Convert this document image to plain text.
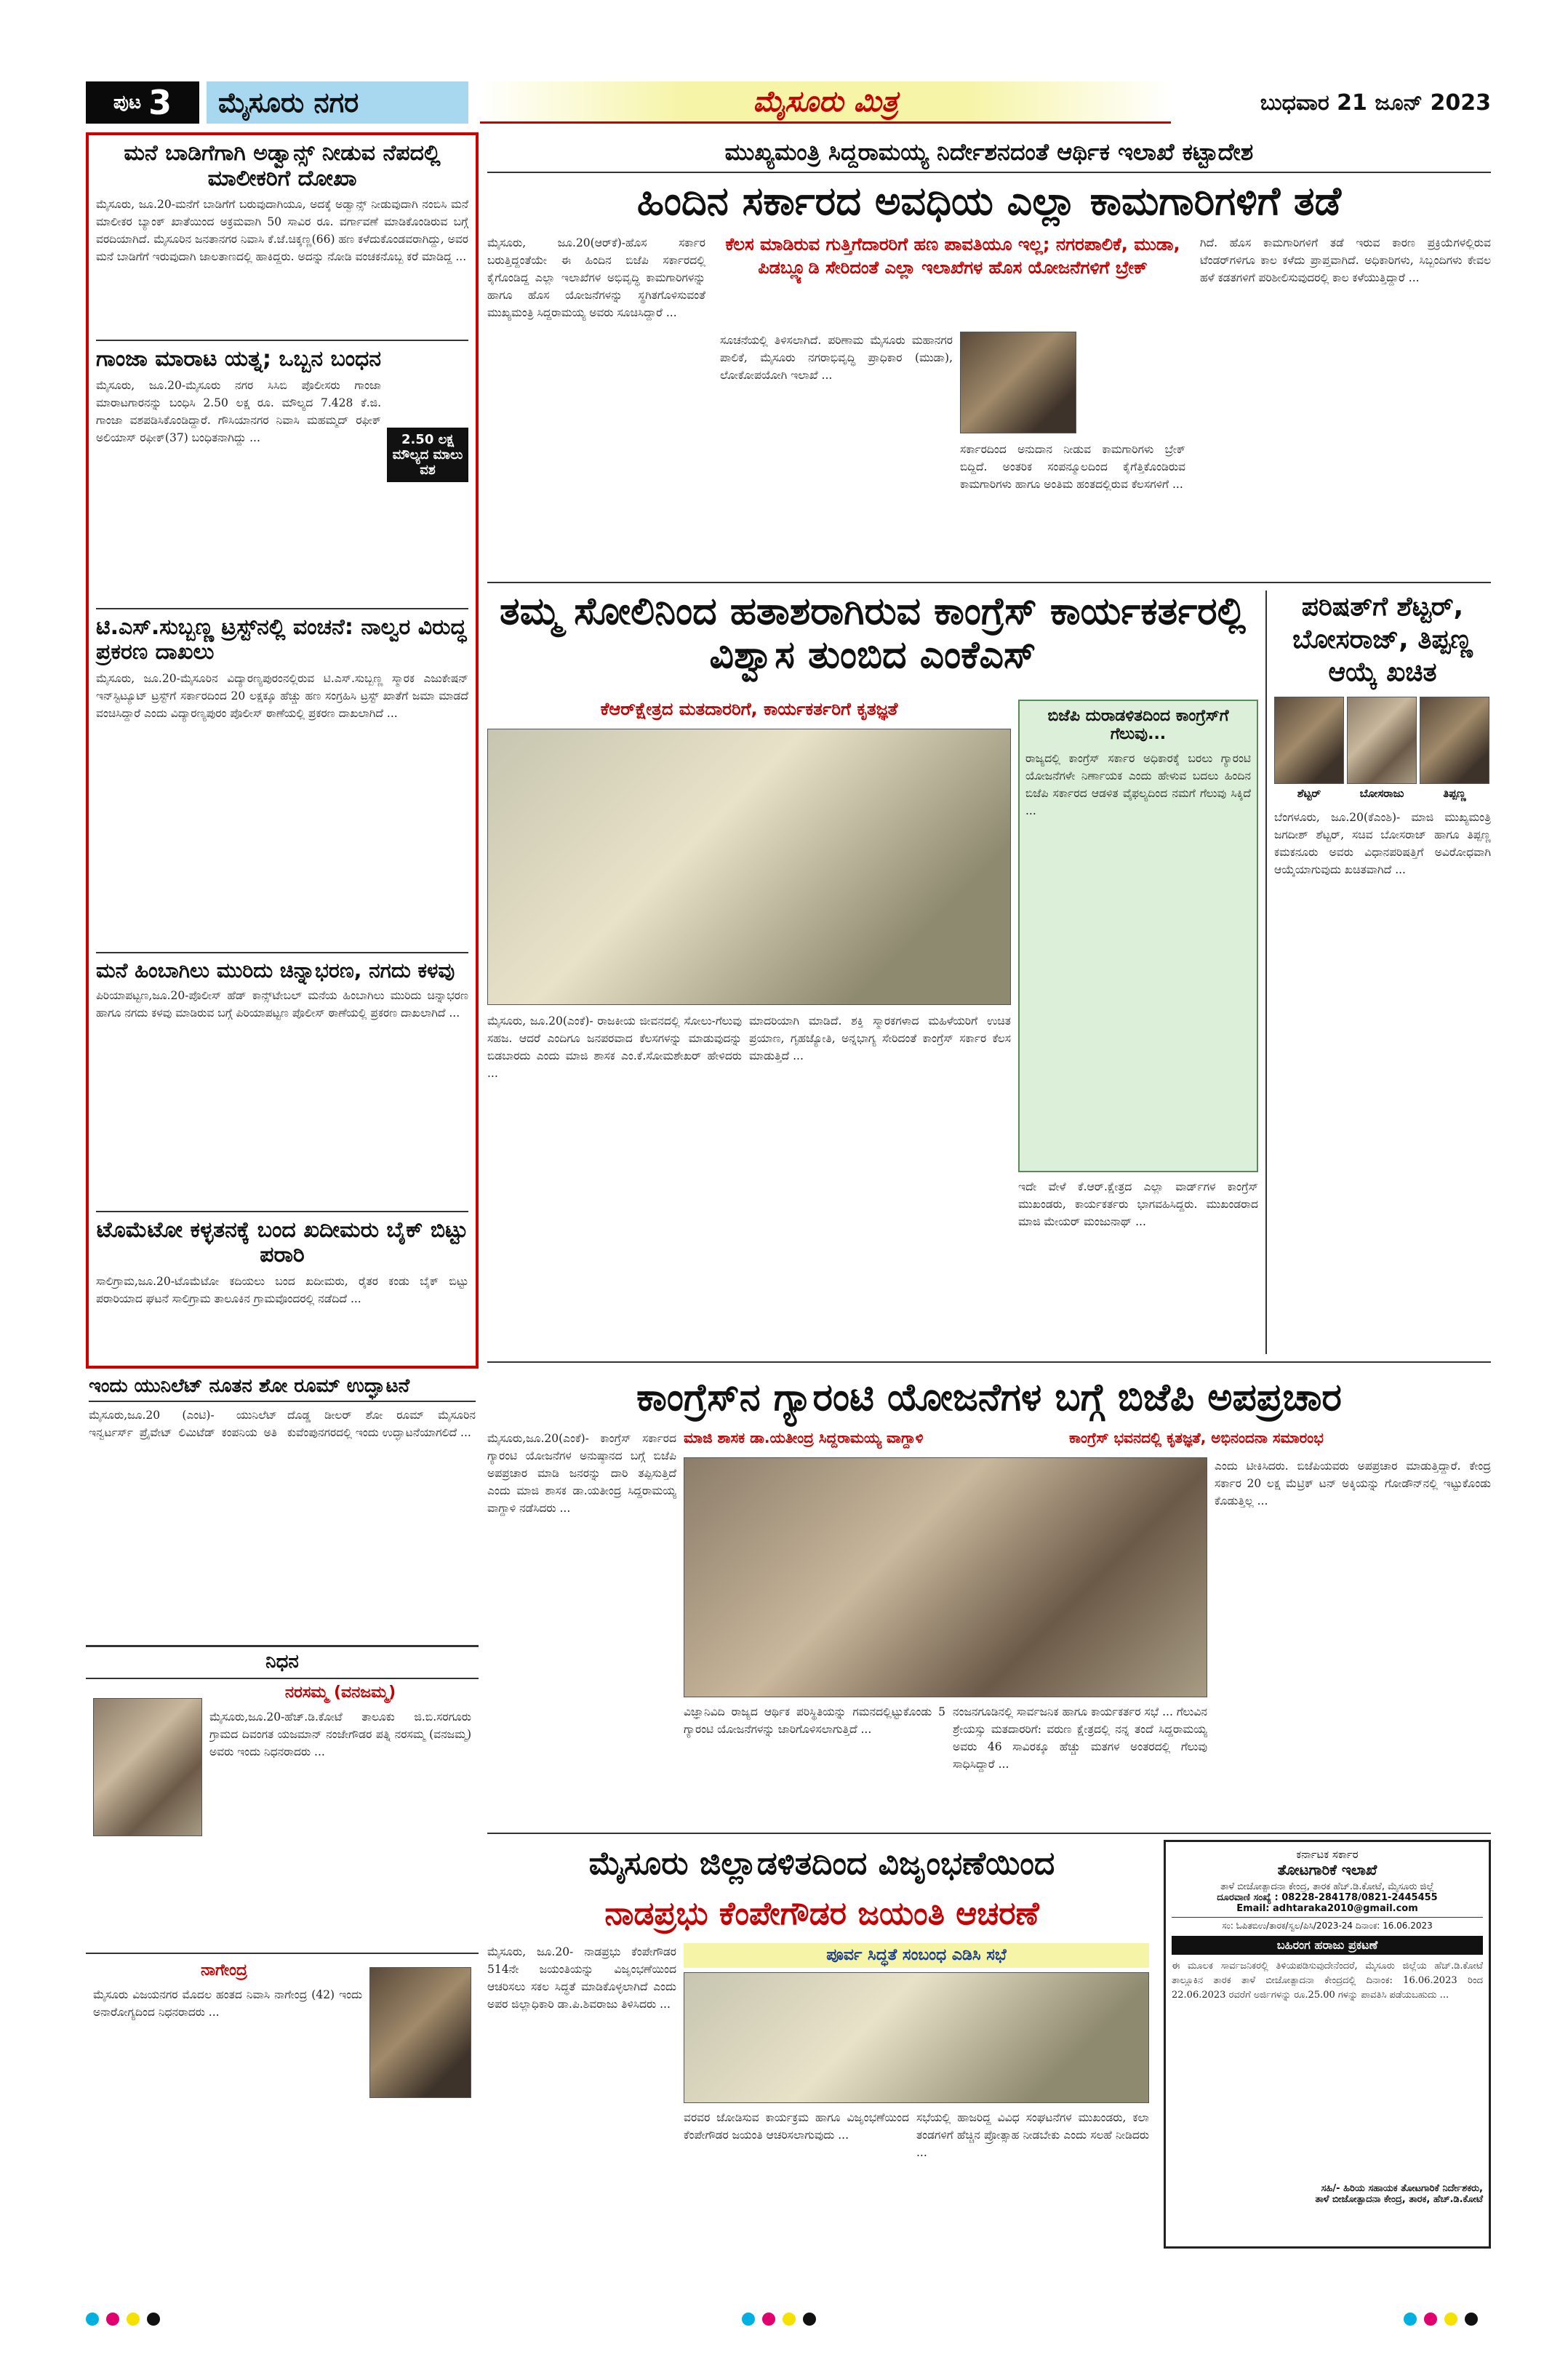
ಪುಟ 3	ಮೈಸೂರು ನಗರ	ಮೈಸೂರು ಮಿತ್ರ	ಬುಧವಾರ 21 ಜೂನ್ 2023
ಮನೆ ಬಾಡಿಗೆಗಾಗಿ ಅಡ್ವಾನ್ಸ್ ನೀಡುವ ನೆಪದಲ್ಲಿ ಮಾಲೀಕರಿಗೆ ದೋಖಾ
ಮೈಸೂರು, ಜೂ.20-ಮನೆಗೆ ಬಾಡಿಗೆಗೆ ಬರುವುದಾಗಿಯೂ, ಅದಕ್ಕೆ ಅಡ್ವಾನ್ಸ್ ನೀಡುವುದಾಗಿ ನಂಬಿಸಿ ಮನೆ ಮಾಲೀಕರ ಬ್ಯಾಂಕ್ ಖಾತೆಯಿಂದ ಅಕ್ರಮವಾಗಿ 50 ಸಾವಿರ ರೂ. ವರ್ಗಾವಣೆ ಮಾಡಿಕೊಂಡಿರುವ ಬಗ್ಗೆ ವರದಿಯಾಗಿದೆ. ಮೈಸೂರಿನ ಜನತಾನಗರ ನಿವಾಸಿ ಕೆ.ಜೆ.ಚಿಕ್ಕಣ್ಣ(66) ಹಣ ಕಳೆದುಕೊಂಡವರಾಗಿದ್ದು, ಅವರ ಮನೆ ಬಾಡಿಗೆಗೆ ಇರುವುದಾಗಿ ಜಾಲತಾಣದಲ್ಲಿ ಹಾಕಿದ್ದರು. ಅದನ್ನು ನೋಡಿ ವಂಚಕನೊಬ್ಬ ಕರೆ ಮಾಡಿದ್ದ ...
ಗಾಂಜಾ ಮಾರಾಟ ಯತ್ನ; ಒಬ್ಬನ ಬಂಧನ
ಮೈಸೂರು, ಜೂ.20-ಮೈಸೂರು ನಗರ ಸಿಸಿಬಿ ಪೊಲೀಸರು ಗಾಂಜಾ ಮಾರಾಟಗಾರನನ್ನು ಬಂಧಿಸಿ 2.50 ಲಕ್ಷ ರೂ. ಮೌಲ್ಯದ 7.428 ಕೆ.ಜಿ. ಗಾಂಜಾ ವಶಪಡಿಸಿಕೊಂಡಿದ್ದಾರೆ. ಗೌಸಿಯಾನಗರ ನಿವಾಸಿ ಮಹಮ್ಮದ್ ರಫೀಕ್ ಅಲಿಯಾಸ್ ರಫೀಕ್(37) ಬಂಧಿತನಾಗಿದ್ದು ...	2.50 ಲಕ್ಷ ಮೌಲ್ಯದ ಮಾಲು ವಶ
ಟಿ.ಎಸ್.ಸುಬ್ಬಣ್ಣ ಟ್ರಸ್ಟ್‌ನಲ್ಲಿ ವಂಚನೆ: ನಾಲ್ವರ ವಿರುದ್ಧ ಪ್ರಕರಣ ದಾಖಲು
ಮೈಸೂರು, ಜೂ.20-ಮೈಸೂರಿನ ವಿದ್ಯಾರಣ್ಯಪುರಂನಲ್ಲಿರುವ ಟಿ.ಎಸ್.ಸುಬ್ಬಣ್ಣ ಸ್ಮಾರಕ ಎಜುಕೇಷನ್ ಇನ್‌ಸ್ಟಿಟ್ಯೂಟ್ ಟ್ರಸ್ಟ್‌ಗೆ ಸರ್ಕಾರದಿಂದ 20 ಲಕ್ಷಕ್ಕೂ ಹೆಚ್ಚು ಹಣ ಸಂಗ್ರಹಿಸಿ ಟ್ರಸ್ಟ್‌ ಖಾತೆಗೆ ಜಮಾ ಮಾಡದೆ ವಂಚಿಸಿದ್ದಾರೆ ಎಂದು ವಿದ್ಯಾರಣ್ಯಪುರಂ ಪೊಲೀಸ್ ಠಾಣೆಯಲ್ಲಿ ಪ್ರಕರಣ ದಾಖಲಾಗಿದೆ ...
ಮನೆ ಹಿಂಬಾಗಿಲು ಮುರಿದು ಚಿನ್ನಾಭರಣ, ನಗದು ಕಳವು
ಪಿರಿಯಾಪಟ್ಟಣ,ಜೂ.20-ಪೊಲೀಸ್ ಹೆಡ್ ಕಾನ್ಸ್‌ಟೇಬಲ್ ಮನೆಯ ಹಿಂಬಾಗಿಲು ಮುರಿದು ಚಿನ್ನಾಭರಣ ಹಾಗೂ ನಗದು ಕಳವು ಮಾಡಿರುವ ಬಗ್ಗೆ ಪಿರಿಯಾಪಟ್ಟಣ ಪೊಲೀಸ್ ಠಾಣೆಯಲ್ಲಿ ಪ್ರಕರಣ ದಾಖಲಾಗಿದೆ ...
ಟೊಮೆಟೋ ಕಳ್ಳತನಕ್ಕೆ ಬಂದ ಖದೀಮರು ಬೈಕ್ ಬಿಟ್ಟು ಪರಾರಿ
ಸಾಲಿಗ್ರಾಮ,ಜೂ.20-ಟೊಮೆಟೋ ಕದಿಯಲು ಬಂದ ಖದೀಮರು, ರೈತರ ಕಂಡು ಬೈಕ್ ಬಿಟ್ಟು ಪರಾರಿಯಾದ ಘಟನೆ ಸಾಲಿಗ್ರಾಮ ತಾಲೂಕಿನ ಗ್ರಾಮವೊಂದರಲ್ಲಿ ನಡೆದಿದೆ ...
ಇಂದು ಯುನಿಲೆಟ್ ನೂತನ ಶೋ ರೂಮ್ ಉದ್ಘಾಟನೆ
ಮೈಸೂರು,ಜೂ.20 (ಎಂಟಿ)- ಯುನಿಲೆಟ್ ಇನ್ವರ್ಟರ್ಸ್ ಪ್ರೈವೇಟ್ ಲಿಮಿಟೆಡ್ ಕಂಪನಿಯ ಅತಿ ದೊಡ್ಡ ಡೀಲರ್ ಶೋ ರೂಮ್ ಮೈಸೂರಿನ ಕುವೆಂಪುನಗರದಲ್ಲಿ ಇಂದು ಉದ್ಘಾಟನೆಯಾಗಲಿದೆ ...
ನಿಧನ
ನರಸಮ್ಮ (ವನಜಮ್ಮ)
ಮೈಸೂರು,ಜೂ.20-ಹೆಚ್.ಡಿ.ಕೋಟೆ ತಾಲೂಕು ಜಿ.ಬಿ.ಸರಗೂರು ಗ್ರಾಮದ ದಿವಂಗತ ಯಜಮಾನ್ ನಂಜೇಗೌಡರ ಪತ್ನಿ ನರಸಮ್ಮ (ವನಜಮ್ಮ) ಅವರು ಇಂದು ನಿಧನರಾದರು ...
ನಾಗೇಂದ್ರ
ಮೈಸೂರು ವಿಜಯನಗರ ಮೊದಲ ಹಂತದ ನಿವಾಸಿ ನಾಗೇಂದ್ರ (42) ಇಂದು ಅನಾರೋಗ್ಯದಿಂದ ನಿಧನರಾದರು ...
ಮುಖ್ಯಮಂತ್ರಿ ಸಿದ್ದರಾಮಯ್ಯ ನಿರ್ದೇಶನದಂತೆ ಆರ್ಥಿಕ ಇಲಾಖೆ ಕಟ್ಟಾದೇಶ
ಹಿಂದಿನ ಸರ್ಕಾರದ ಅವಧಿಯ ಎಲ್ಲಾ ಕಾಮಗಾರಿಗಳಿಗೆ ತಡೆ
ಮೈಸೂರು, ಜೂ.20(ಆರ್‌ಕೆ)-ಹೊಸ ಸರ್ಕಾರ ಬರುತ್ತಿದ್ದಂತೆಯೇ ಈ ಹಿಂದಿನ ಬಿಜೆಪಿ ಸರ್ಕಾರದಲ್ಲಿ ಕೈಗೊಂಡಿದ್ದ ಎಲ್ಲಾ ಇಲಾಖೆಗಳ ಅಭಿವೃದ್ಧಿ ಕಾಮಗಾರಿಗಳನ್ನು ಹಾಗೂ ಹೊಸ ಯೋಜನೆಗಳನ್ನು ಸ್ಥಗಿತಗೊಳಿಸುವಂತೆ ಮುಖ್ಯಮಂತ್ರಿ ಸಿದ್ದರಾಮಯ್ಯ ಅವರು ಸೂಚಿಸಿದ್ದಾರೆ ...
ಕೆಲಸ ಮಾಡಿರುವ ಗುತ್ತಿಗೆದಾರರಿಗೆ ಹಣ ಪಾವತಿಯೂ ಇಲ್ಲ; ನಗರಪಾಲಿಕೆ, ಮುಡಾ, ಪಿಡಬ್ಲ್ಯೂಡಿ ಸೇರಿದಂತೆ ಎಲ್ಲಾ ಇಲಾಖೆಗಳ ಹೊಸ ಯೋಜನೆಗಳಿಗೆ ಬ್ರೇಕ್
ಸೂಚನೆಯಲ್ಲಿ ತಿಳಿಸಲಾಗಿದೆ. ಪರಿಣಾಮ ಮೈಸೂರು ಮಹಾನಗರ ಪಾಲಿಕೆ, ಮೈಸೂರು ನಗರಾಭಿವೃದ್ಧಿ ಪ್ರಾಧಿಕಾರ (ಮುಡಾ), ಲೋಕೋಪಯೋಗಿ ಇಲಾಖೆ ...
ಸರ್ಕಾರದಿಂದ ಅನುದಾನ ನೀಡುವ ಕಾಮಗಾರಿಗಳು ಬ್ರೇಕ್ ಬಿದ್ದಿದೆ. ಅಂತರಿಕ ಸಂಪನ್ಮೂಲದಿಂದ ಕೈಗೆತ್ತಿಕೊಂಡಿರುವ ಕಾಮಗಾರಿಗಳು ಹಾಗೂ ಅಂತಿಮ ಹಂತದಲ್ಲಿರುವ ಕೆಲಸಗಳಿಗೆ ...
ಗಿದೆ. ಹೊಸ ಕಾಮಗಾರಿಗಳಿಗೆ ತಡೆ ಇರುವ ಕಾರಣ ಪ್ರಕ್ರಿಯೆಗಳಲ್ಲಿರುವ ಟೆಂಡರ್‌ಗಳಿಗೂ ಕಾಲ ಕಳೆದು ಪ್ರಾಪ್ತವಾಗಿದೆ. ಅಧಿಕಾರಿಗಳು, ಸಿಬ್ಬಂದಿಗಳು ಕೇವಲ ಹಳೆ ಕಡತಗಳಿಗೆ ಪರಿಶೀಲಿಸುವುದರಲ್ಲಿ ಕಾಲ ಕಳೆಯುತ್ತಿದ್ದಾರೆ ...
ತಮ್ಮ ಸೋಲಿನಿಂದ ಹತಾಶರಾಗಿರುವ ಕಾಂಗ್ರೆಸ್ ಕಾರ್ಯಕರ್ತರಲ್ಲಿ ವಿಶ್ವಾಸ ತುಂಬಿದ ಎಂಕೆಎಸ್
ಕೆಆರ್‌ಕ್ಷೇತ್ರದ ಮತದಾರರಿಗೆ, ಕಾರ್ಯಕರ್ತರಿಗೆ ಕೃತಜ್ಞತೆ	ಬಿಜೆಪಿ ದುರಾಡಳಿತದಿಂದ ಕಾಂಗ್ರೆಸ್‌ಗೆ ಗೆಲುವು...
ರಾಜ್ಯದಲ್ಲಿ ಕಾಂಗ್ರೆಸ್ ಸರ್ಕಾರ ಅಧಿಕಾರಕ್ಕೆ ಬರಲು ಗ್ಯಾರಂಟಿ ಯೋಜನೆಗಳೇ ನಿರ್ಣಾಯಕ ಎಂದು ಹೇಳುವ ಬದಲು ಹಿಂದಿನ ಬಿಜೆಪಿ ಸರ್ಕಾರದ ಆಡಳಿತ ವೈಫಲ್ಯದಿಂದ ನಮಗೆ ಗೆಲುವು ಸಿಕ್ಕಿದೆ ...
ಮೈಸೂರು, ಜೂ.20(ಎಂಕೆ)- ರಾಜಕೀಯ ಜೀವನದಲ್ಲಿ ಸೋಲು-ಗೆಲುವು ಸಹಜ. ಆದರೆ ಎಂದಿಗೂ ಜನಪರವಾದ ಕೆಲಸಗಳನ್ನು ಮಾಡುವುದನ್ನು ಬಿಡಬಾರದು ಎಂದು ಮಾಜಿ ಶಾಸಕ ಎಂ.ಕೆ.ಸೋಮಶೇಖರ್ ಹೇಳಿದರು ...
ಮಾದರಿಯಾಗಿ ಮಾಡಿದೆ. ಶಕ್ತಿ ಸ್ಮಾರಕಗಳಾದ ಮಹಿಳೆಯರಿಗೆ ಉಚಿತ ಪ್ರಯಾಣ, ಗೃಹಜ್ಯೋತಿ, ಅನ್ನಭಾಗ್ಯ ಸೇರಿದಂತೆ ಕಾಂಗ್ರೆಸ್ ಸರ್ಕಾರ ಕೆಲಸ ಮಾಡುತ್ತಿದೆ ...
ಇದೇ ವೇಳೆ ಕೆ.ಆರ್.ಕ್ಷೇತ್ರದ ಎಲ್ಲಾ ವಾರ್ಡ್‌ಗಳ ಕಾಂಗ್ರೆಸ್ ಮುಖಂಡರು, ಕಾರ್ಯಕರ್ತರು ಭಾಗವಹಿಸಿದ್ದರು. ಮುಖಂಡರಾದ ಮಾಜಿ ಮೇಯರ್ ಮಂಜುನಾಥ್ ...
ಪರಿಷತ್‌ಗೆ ಶೆಟ್ಟರ್, ಬೋಸರಾಜ್, ತಿಪ್ಪಣ್ಣ ಆಯ್ಕೆ ಖಚಿತ
ಶೆಟ್ಟರ್	ಬೋಸರಾಜು	ತಿಪ್ಪಣ್ಣ
ಬೆಂಗಳೂರು, ಜೂ.20(ಕೆಎಂಶಿ)- ಮಾಜಿ ಮುಖ್ಯಮಂತ್ರಿ ಜಗದೀಶ್ ಶೆಟ್ಟರ್, ಸಚಿವ ಬೋಸರಾಜ್ ಹಾಗೂ ತಿಪ್ಪಣ್ಣ ಕಮಕನೂರು ಅವರು ವಿಧಾನಪರಿಷತ್ತಿಗೆ ಅವಿರೋಧವಾಗಿ ಆಯ್ಕೆಯಾಗುವುದು ಖಚಿತವಾಗಿದೆ ...
ಕಾಂಗ್ರೆಸ್‌ನ ಗ್ಯಾರಂಟಿ ಯೋಜನೆಗಳ ಬಗ್ಗೆ ಬಿಜೆಪಿ ಅಪಪ್ರಚಾರ
ಮಾಜಿ ಶಾಸಕ ಡಾ.ಯತೀಂದ್ರ ಸಿದ್ದರಾಮಯ್ಯ ವಾಗ್ದಾಳಿ	ಕಾಂಗ್ರೆಸ್ ಭವನದಲ್ಲಿ ಕೃತಜ್ಞತೆ, ಅಭಿನಂದನಾ ಸಮಾರಂಭ
ಮೈಸೂರು,ಜೂ.20(ಎಂಕೆ)- ಕಾಂಗ್ರೆಸ್ ಸರ್ಕಾರದ ಗ್ಯಾರಂಟಿ ಯೋಜನೆಗಳ ಅನುಷ್ಠಾನದ ಬಗ್ಗೆ ಬಿಜೆಪಿ ಅಪಪ್ರಚಾರ ಮಾಡಿ ಜನರನ್ನು ದಾರಿ ತಪ್ಪಿಸುತ್ತಿದೆ ಎಂದು ಮಾಜಿ ಶಾಸಕ ಡಾ.ಯತೀಂದ್ರ ಸಿದ್ದರಾಮಯ್ಯ ವಾಗ್ದಾಳಿ ನಡೆಸಿದರು ...
ವಿಜ್ಞಾನಿವಿದಿ ರಾಜ್ಯದ ಆರ್ಥಿಕ ಪರಿಸ್ಥಿತಿಯನ್ನು ಗಮನದಲ್ಲಿಟ್ಟುಕೊಂಡು 5 ಗ್ಯಾರಂಟಿ ಯೋಜನೆಗಳನ್ನು ಜಾರಿಗೊಳಿಸಲಾಗುತ್ತಿದೆ ...
ನಂಜನಗೂಡಿನಲ್ಲಿ ಸಾರ್ವಜನಿಕ ಹಾಗೂ ಕಾರ್ಯಕರ್ತರ ಸಭೆ ... ಗೆಲುವಿನ ಶ್ರೇಯಸ್ಸು ಮತದಾರರಿಗೆ: ವರುಣ ಕ್ಷೇತ್ರದಲ್ಲಿ ನನ್ನ ತಂದೆ ಸಿದ್ದರಾಮಯ್ಯ ಅವರು 46 ಸಾವಿರಕ್ಕೂ ಹೆಚ್ಚು ಮತಗಳ ಅಂತರದಲ್ಲಿ ಗೆಲುವು ಸಾಧಿಸಿದ್ದಾರೆ ...
ಎಂದು ಟೀಕಿಸಿದರು. ಬಿಜೆಪಿಯವರು ಅಪಪ್ರಚಾರ ಮಾಡುತ್ತಿದ್ದಾರೆ. ಕೇಂದ್ರ ಸರ್ಕಾರ 20 ಲಕ್ಷ ಮೆಟ್ರಿಕ್ ಟನ್ ಅಕ್ಕಿಯನ್ನು ಗೋಡೌನ್‌ನಲ್ಲಿ ಇಟ್ಟುಕೊಂಡು ಕೊಡುತ್ತಿಲ್ಲ ...
ಮೈಸೂರು ಜಿಲ್ಲಾಡಳಿತದಿಂದ ವಿಜೃಂಭಣೆಯಿಂದ
ನಾಡಪ್ರಭು ಕೆಂಪೇಗೌಡರ ಜಯಂತಿ ಆಚರಣೆ
ಮೈಸೂರು, ಜೂ.20- ನಾಡಪ್ರಭು ಕೆಂಪೇಗೌಡರ 514ನೇ ಜಯಂತಿಯನ್ನು ವಿಜೃಂಭಣೆಯಿಂದ ಆಚರಿಸಲು ಸಕಲ ಸಿದ್ಧತೆ ಮಾಡಿಕೊಳ್ಳಲಾಗಿದೆ ಎಂದು ಅಪರ ಜಿಲ್ಲಾಧಿಕಾರಿ ಡಾ.ಪಿ.ಶಿವರಾಜು ತಿಳಿಸಿದರು ...
ಪೂರ್ವ ಸಿದ್ಧತೆ ಸಂಬಂಧ ಎಡಿಸಿ ಸಭೆ
ವರವರ ಜೋಡಿಸುವ ಕಾರ್ಯಕ್ರಮ ಹಾಗೂ ವಿಜೃಂಭಣೆಯಿಂದ ಕೆಂಪೇಗೌಡರ ಜಯಂತಿ ಆಚರಿಸಲಾಗುವುದು ...
ಸಭೆಯಲ್ಲಿ ಹಾಜರಿದ್ದ ವಿವಿಧ ಸಂಘಟನೆಗಳ ಮುಖಂಡರು, ಕಲಾ ತಂಡಗಳಿಗೆ ಹೆಚ್ಚಿನ ಪ್ರೋತ್ಸಾಹ ನೀಡಬೇಕು ಎಂದು ಸಲಹೆ ನೀಡಿದರು ...
ಕರ್ನಾಟಕ ಸರ್ಕಾರ
ತೋಟಗಾರಿಕೆ ಇಲಾಖೆ
ತಾಳೆ ಬೀಜೋತ್ಪಾದನಾ ಕೇಂದ್ರ, ತಾರಕ ಹೆಚ್.ಡಿ.ಕೋಟೆ, ಮೈಸೂರು ಜಿಲ್ಲೆ
ದೂರವಾಣಿ ಸಂಖ್ಯೆ : 08228-284178/0821-2445455
Email: adhtaraka2010@gmail.com
ಸಂ: ಓಪಿತಬಿಉ/ತಾರಕ/ಸ್ವಲ/ಪಿಸಿ/2023-24 ದಿನಾಂಕ: 16.06.2023
ಬಹಿರಂಗ ಹರಾಜು ಪ್ರಕಟಣೆ
ಈ ಮೂಲಕ ಸಾರ್ವಜನಿಕರಲ್ಲಿ ತಿಳಿಯಪಡಿಸುವುದೇನೆಂದರೆ, ಮೈಸೂರು ಜಿಲ್ಲೆಯ ಹೆಚ್.ಡಿ.ಕೋಟೆ ತಾಲ್ಲೂಕಿನ ತಾರಕ ತಾಳೆ ಬೀಜೋತ್ಪಾದನಾ ಕೇಂದ್ರದಲ್ಲಿ ದಿನಾಂಕ: 16.06.2023 ರಿಂದ 22.06.2023 ರವರೆಗೆ ಅರ್ಜಿಗಳನ್ನು ರೂ.25.00 ಗಳನ್ನು ಪಾವತಿಸಿ ಪಡೆಯಬಹುದು ...
ಸಹಿ/- ಹಿರಿಯ ಸಹಾಯಕ ತೋಟಗಾರಿಕೆ ನಿರ್ದೇಶಕರು,
ತಾಳೆ ಬೀಜೋತ್ಪಾದನಾ ಕೇಂದ್ರ, ತಾರಕ, ಹೆಚ್.ಡಿ.ಕೋಟೆ
